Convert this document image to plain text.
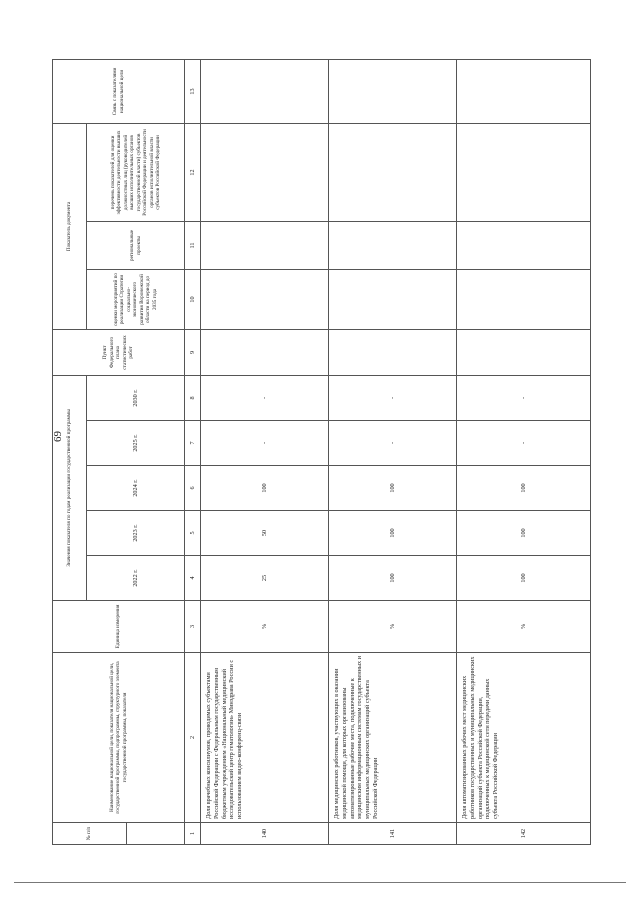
69
№ п/п	Наименование национальной цели, показателя национальной цели, государственной программы, подпрограммы, структурного элемента государственной программы, показателя	Единица измерения	Значения показателя по годам реализации государственной программы					Пункт Федерального плана статистических работ	Показатель документа			Связь с показателями национальной цели
			2022 г.	2023 г.	2024 г.	2025 г.	2030 г.		оценки мероприятий по реализации Стратегии социально-экономического развития Воронежской области на период до 2035 года	региональные проекты	перечень показателей для оценки эффективности деятельности высших должностных лиц (руководителей высших исполнительных органов государственной власти) субъектов Российской Федерации и деятельности органов исполнительной власти субъектов Российской Федерации	

1	2	3	4	5	6	7	8	9	10	11	12	13
140	Доля врачебных консилиумов, проводимых субъектами Российской Федерации с Федеральным государственным бюджетным учреждением «Национальный медицинский исследовательский центр гематологии» Минздрава России с использованием видео-конференц-связи	%	25	50	100	-	-					
141	Доля медицинских работников, участвующих в оказании медицинской помощи, для которых организованы автоматизированные рабочие места, подключенные к медицинским информационным системам государственных и муниципальных медицинских организаций субъекта Российской Федерации	%	100	100	100	-	-					
142	Доля автоматизированных рабочих мест медицинских работников государственных и муниципальных медицинских организаций субъекта Российской Федерации, подключенных к медицинской сети передачи данных субъекта Российской Федерации	%	100	100	100	-	-					
